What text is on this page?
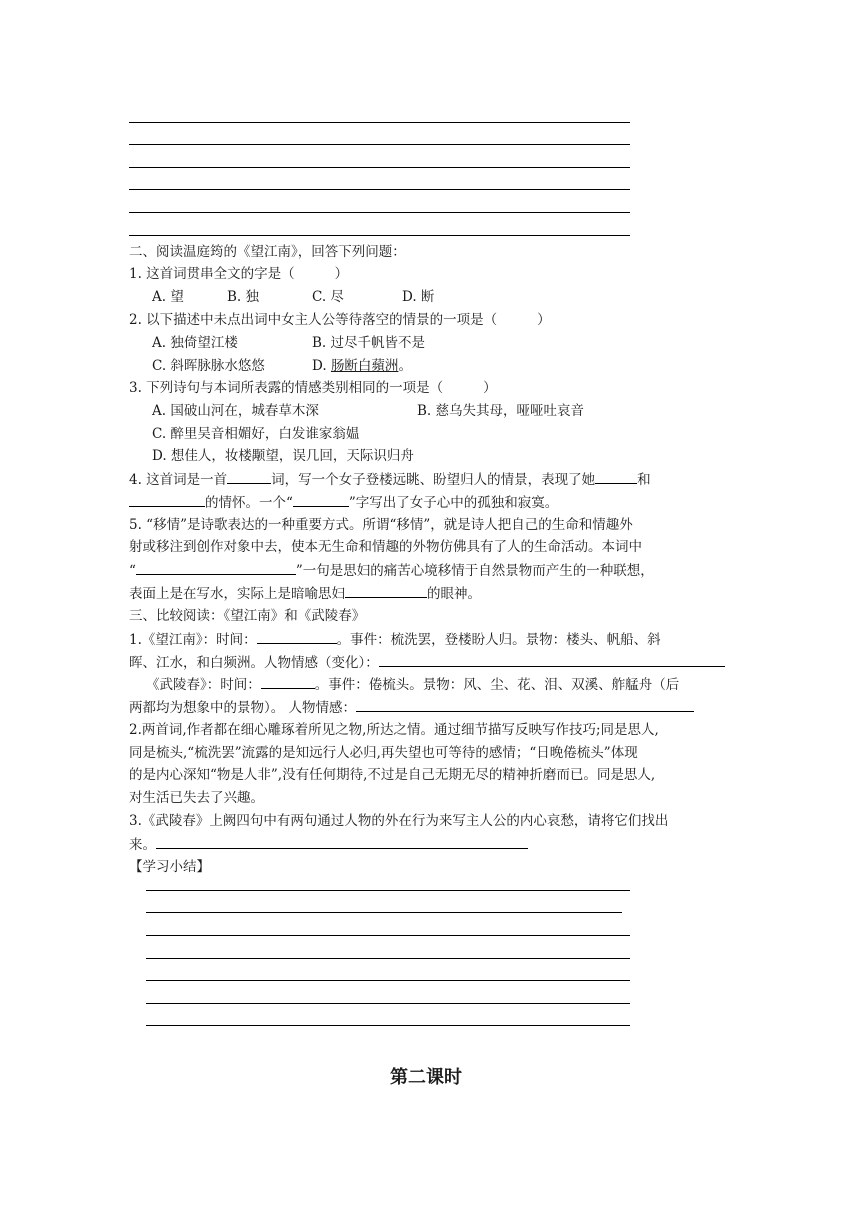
二、阅读温庭筠的《望江南》，回答下列问题：
1. 这首词贯串全文的字是（	）
A. 望	B. 独	C. 尽	D. 断
2. 以下描述中未点出词中女主人公等待落空的情景的一项是（	）
A. 独倚望江楼	B. 过尽千帆皆不是
C. 斜晖脉脉水悠悠	D. 肠断白蘋洲。
3. 下列诗句与本词所表露的情感类别相同的一项是（	）
A. 国破山河在，城春草木深	B. 慈乌失其母，哑哑吐哀音
C. 醉里吴音相媚好，白发谁家翁媪
D. 想佳人，妆楼颙望，误几回，天际识归舟
4. 这首词是一首	词，写一个女子登楼远眺、盼望归人的情景，表现了她	和
的情怀。一个“	”字写出了女子心中的孤独和寂寞。
5. “移情”是诗歌表达的一种重要方式。所谓“移情”，就是诗人把自己的生命和情趣外
射或移注到创作对象中去，使本无生命和情趣的外物仿佛具有了人的生命活动。本词中
“	”一句是思妇的痛苦心境移情于自然景物而产生的一种联想，
表面上是在写水，实际上是暗喻思妇	的眼神。
三、比较阅读：《望江南》和《武陵春》
1.《望江南》：时间：	。事件：梳洗罢，登楼盼人归。景物：楼头、帆船、斜
晖、江水，和白频洲。人物情感（变化）：
《武陵春》：时间：	。事件：倦梳头。景物：风、尘、花、泪、双溪、舴艋舟（后
两都均为想象中的景物）。 人物情感：
2.两首词,作者都在细心雕琢着所见之物,所达之情。通过细节描写反映写作技巧;同是思人,
同是梳头,“梳洗罢”流露的是知远行人必归,再失望也可等待的感情；“日晚倦梳头”体现
的是内心深知“物是人非”,没有任何期待,不过是自己无期无尽的精神折磨而已。同是思人,
对生活已失去了兴趣。
3.《武陵春》上阙四句中有两句通过人物的外在行为来写主人公的内心哀愁，请将它们找出
来。
【学习小结】
第二课时
